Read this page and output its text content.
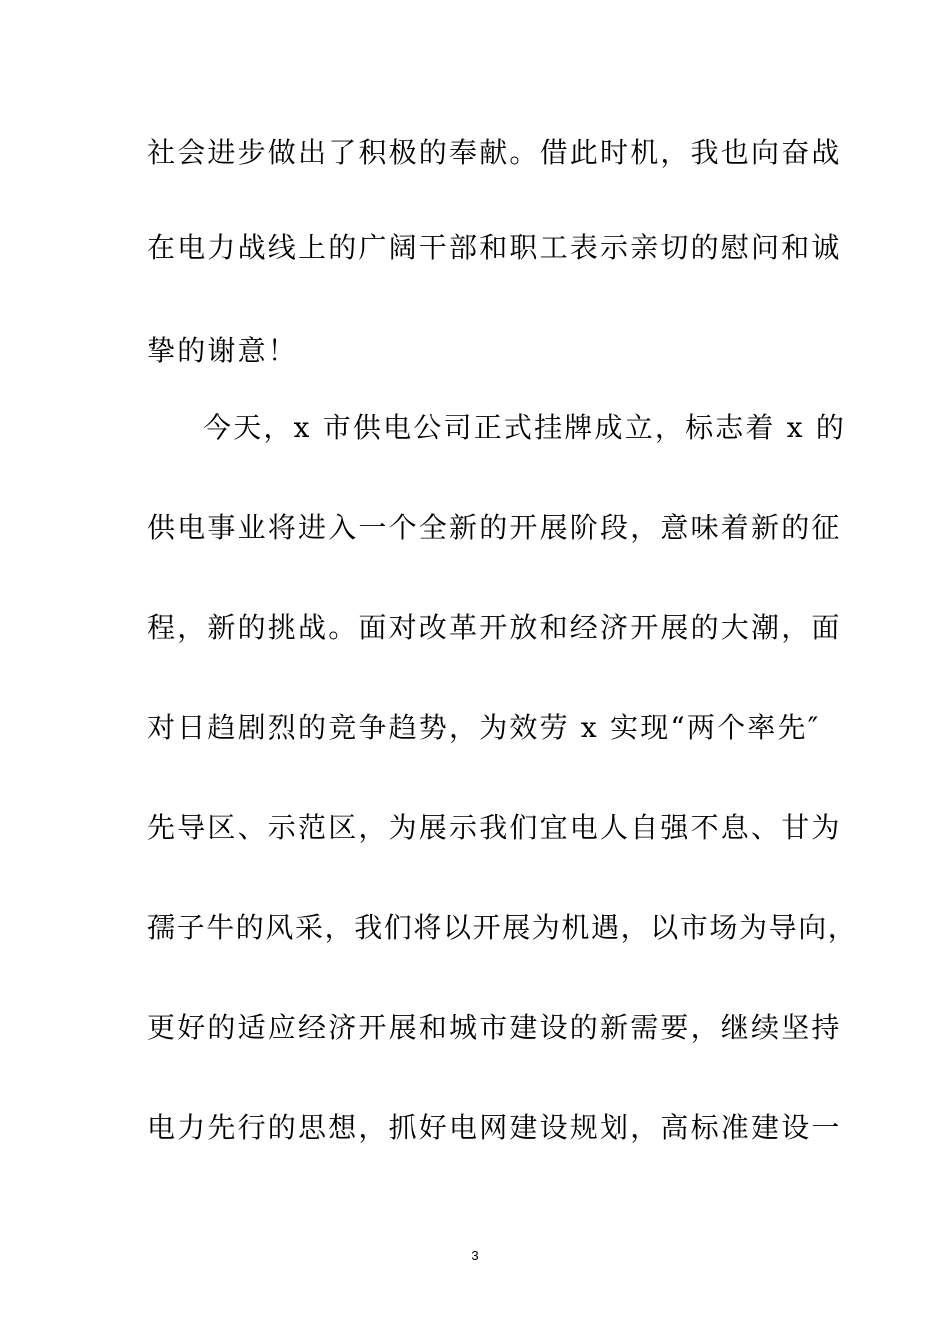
社会进步做出了积极的奉献。借此时机，我也向奋战
在电力战线上的广阔干部和职工表示亲切的慰问和诚
挚的谢意！
今天，x 市供电公司正式挂牌成立，标志着 x 的
供电事业将进入一个全新的开展阶段，意味着新的征
程，新的挑战。面对改革开放和经济开展的大潮，面
对日趋剧烈的竞争趋势，为效劳 x 实现“两个率先″
先导区、示范区，为展示我们宜电人自强不息、甘为
孺子牛的风采，我们将以开展为机遇，以市场为导向，
更好的适应经济开展和城市建设的新需要，继续坚持
电力先行的思想，抓好电网建设规划，高标准建设一
3
